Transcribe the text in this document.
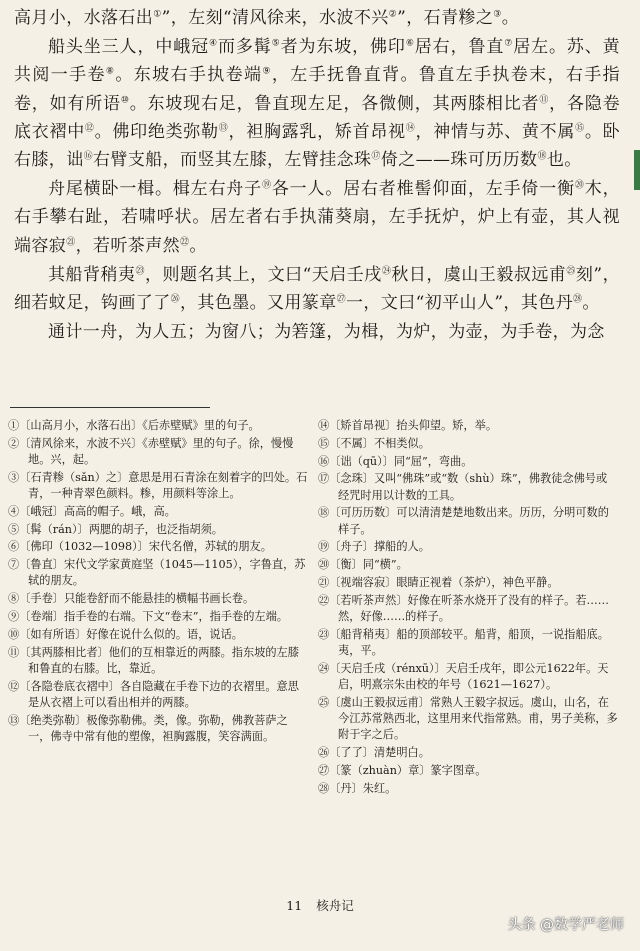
高月小，水落石出①”，左刻“清风徐来，水波不兴②”，石青糁之③。

船头坐三人，中峨冠④而多髯⑤者为东坡，佛印⑥居右，鲁直⑦居左。苏、黄共阅一手卷⑧。东坡右手执卷端⑨，左手抚鲁直背。鲁直左手执卷末，右手指卷，如有所语⑩。东坡现右足，鲁直现左足，各微侧，其两膝相比者⑪，各隐卷底衣褶中⑫。佛印绝类弥勒⑬，袒胸露乳，矫首昂视⑭，神情与苏、黄不属⑮。卧右膝，诎⑯右臂支船，而竖其左膝，左臂挂念珠⑰倚之——珠可历历数⑱也。

舟尾横卧一楫。楫左右舟子⑲各一人。居右者椎髻仰面，左手倚一衡⑳木，右手攀右趾，若啸呼状。居左者右手执蒲葵扇，左手抚炉，炉上有壶，其人视端容寂$^㉑$，若听茶声然$^㉒$。

其船背稍夷$^㉓$，则题名其上，文曰“天启壬戌$^㉔$秋日，虞山王毅叔远甫$^㉕$刻”，细若蚊足，钩画了了$^㉖$，其色墨。又用篆章$^㉗$一，文曰“初平山人”，其色丹$^㉘$。

通计一舟，为人五；为窗八；为箬篷，为楫，为炉，为壶，为手卷，为念

①〔山高月小，水落石出〕《后赤壁赋》里的句子。
②〔清风徐来，水波不兴〕《赤壁赋》里的句子。徐，慢慢地。兴，起。
③〔石青糁（sǎn）之〕意思是用石青涂在刻着字的凹处。石青，一种青翠色颜料。糁，用颜料等涂上。
④〔峨冠〕高高的帽子。峨，高。
⑤〔髯（rán）〕两腮的胡子，也泛指胡须。
⑥〔佛印（1032—1098）〕宋代名僧，苏轼的朋友。
⑦〔鲁直〕宋代文学家黄庭坚（1045—1105），字鲁直，苏轼的朋友。
⑧〔手卷〕只能卷舒而不能悬挂的横幅书画长卷。
⑨〔卷端〕指手卷的右端。下文“卷末”，指手卷的左端。
⑩〔如有所语〕好像在说什么似的。语，说话。
⑪〔其两膝相比者〕他们的互相靠近的两膝。指东坡的左膝和鲁直的右膝。比，靠近。
⑫〔各隐卷底衣褶中〕各自隐藏在手卷下边的衣褶里。意思是从衣褶上可以看出相并的两膝。
⑬〔绝类弥勒〕极像弥勒佛。类，像。弥勒，佛教菩萨之一，佛寺中常有他的塑像，袒胸露腹，笑容满面。
⑭〔矫首昂视〕抬头仰望。矫，举。
⑮〔不属〕不相类似。
⑯〔诎（qū）〕同“屈”，弯曲。
⑰〔念珠〕又叫“佛珠”或“数（shù）珠”，佛教徒念佛号或经咒时用以计数的工具。
⑱〔可历历数〕可以清清楚楚地数出来。历历，分明可数的样子。
⑲〔舟子〕撑船的人。
⑳〔衡〕同“横”。
㉑〔视端容寂〕眼睛正视着（茶炉），神色平静。
㉒〔若听茶声然〕好像在听茶水烧开了没有的样子。若……然，好像……的样子。
㉓〔船背稍夷〕船的顶部较平。船背，船顶，一说指船底。夷，平。
㉔〔天启壬戌（rénxū）〕天启壬戌年，即公元1622年。天启，明熹宗朱由校的年号（1621—1627）。
㉕〔虞山王毅叔远甫〕常熟人王毅字叔远。虞山，山名，在今江苏常熟西北，这里用来代指常熟。甫，男子美称，多附于字之后。
㉖〔了了〕清楚明白。
㉗〔篆（zhuàn）章〕篆字图章。
㉘〔丹〕朱红。
11 核舟记
头条 @数学严老师
